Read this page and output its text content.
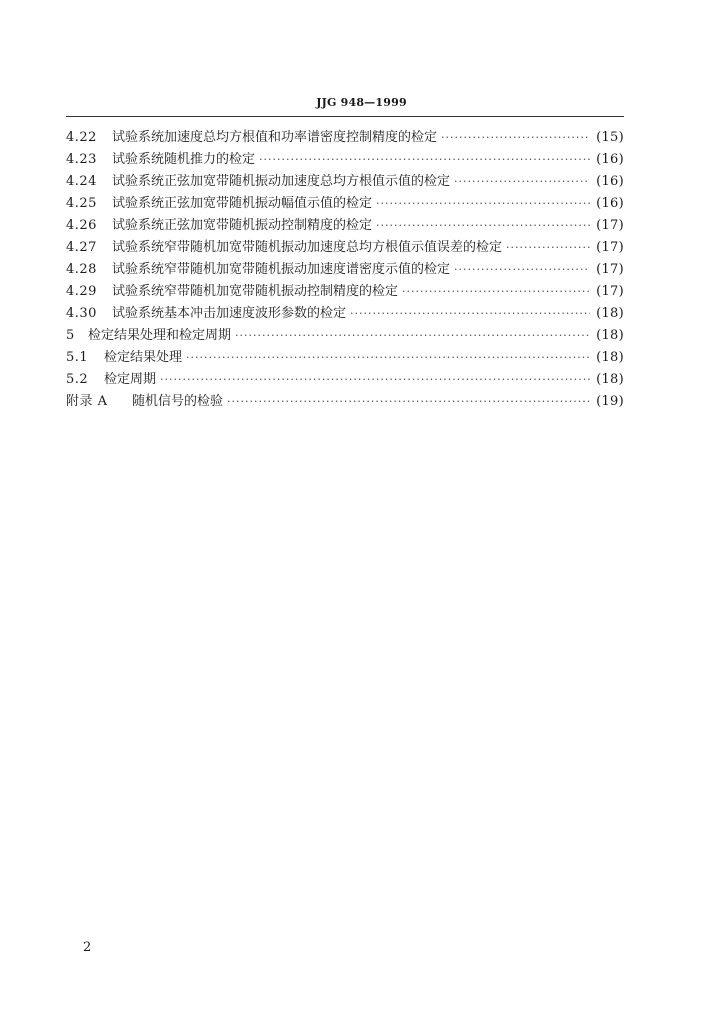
JJG 948—1999
4.22	试验系统加速度总均方根值和功率谱密度控制精度的检定 ·····	(15)
4.23	试验系统随机推力的检定 ·····	(16)
4.24	试验系统正弦加宽带随机振动加速度总均方根值示值的检定 ·····	(16)
4.25	试验系统正弦加宽带随机振动幅值示值的检定 ·····	(16)
4.26	试验系统正弦加宽带随机振动控制精度的检定 ·····	(17)
4.27	试验系统窄带随机加宽带随机振动加速度总均方根值示值误差的检定 ·····	(17)
4.28	试验系统窄带随机加宽带随机振动加速度谱密度示值的检定 ·····	(17)
4.29	试验系统窄带随机加宽带随机振动控制精度的检定 ·····	(17)
4.30	试验系统基本冲击加速度波形参数的检定 ·····	(18)
5	检定结果处理和检定周期 ·····	(18)
5.1	检定结果处理 ·····	(18)
5.2	检定周期 ·····	(18)
附录 A	随机信号的检验 ·····	(19)
2
